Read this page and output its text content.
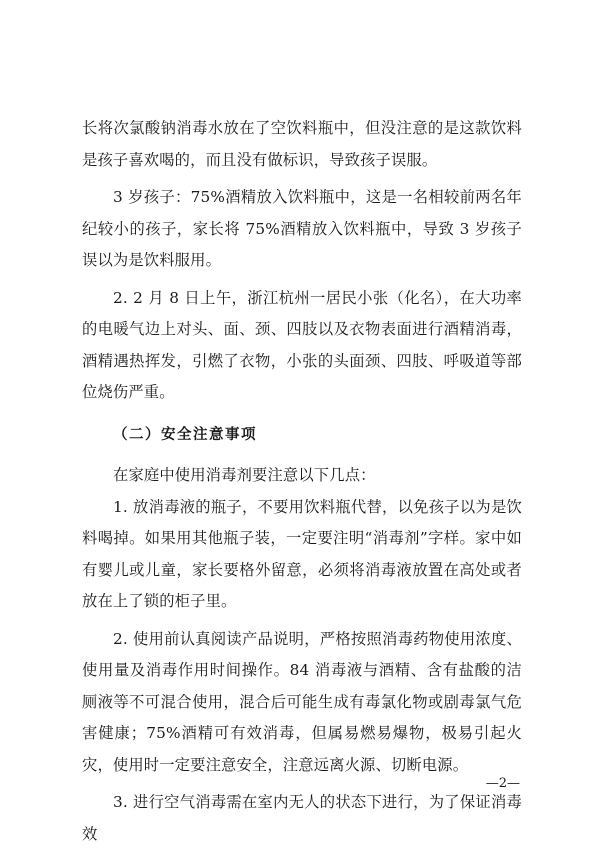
长将次氯酸钠消毒水放在了空饮料瓶中，但没注意的是这款饮料是孩子喜欢喝的，而且没有做标识，导致孩子误服。

3 岁孩子：75%酒精放入饮料瓶中，这是一名相较前两名年纪较小的孩子，家长将 75%酒精放入饮料瓶中，导致 3 岁孩子误以为是饮料服用。

2. 2 月 8 日上午，浙江杭州一居民小张（化名），在大功率的电暖气边上对头、面、颈、四肢以及衣物表面进行酒精消毒，酒精遇热挥发，引燃了衣物，小张的头面颈、四肢、呼吸道等部位烧伤严重。

（二）安全注意事项

在家庭中使用消毒剂要注意以下几点：

1. 放消毒液的瓶子，不要用饮料瓶代替，以免孩子以为是饮料喝掉。如果用其他瓶子装，一定要注明“消毒剂”字样。家中如有婴儿或儿童，家长要格外留意，必须将消毒液放置在高处或者放在上了锁的柜子里。

2. 使用前认真阅读产品说明，严格按照消毒药物使用浓度、使用量及消毒作用时间操作。84 消毒液与酒精、含有盐酸的洁厕液等不可混合使用，混合后可能生成有毒氯化物或剧毒氯气危害健康；75%酒精可有效消毒，但属易燃易爆物，极易引起火灾，使用时一定要注意安全，注意远离火源、切断电源。

3. 进行空气消毒需在室内无人的状态下进行，为了保证消毒效

—2—
